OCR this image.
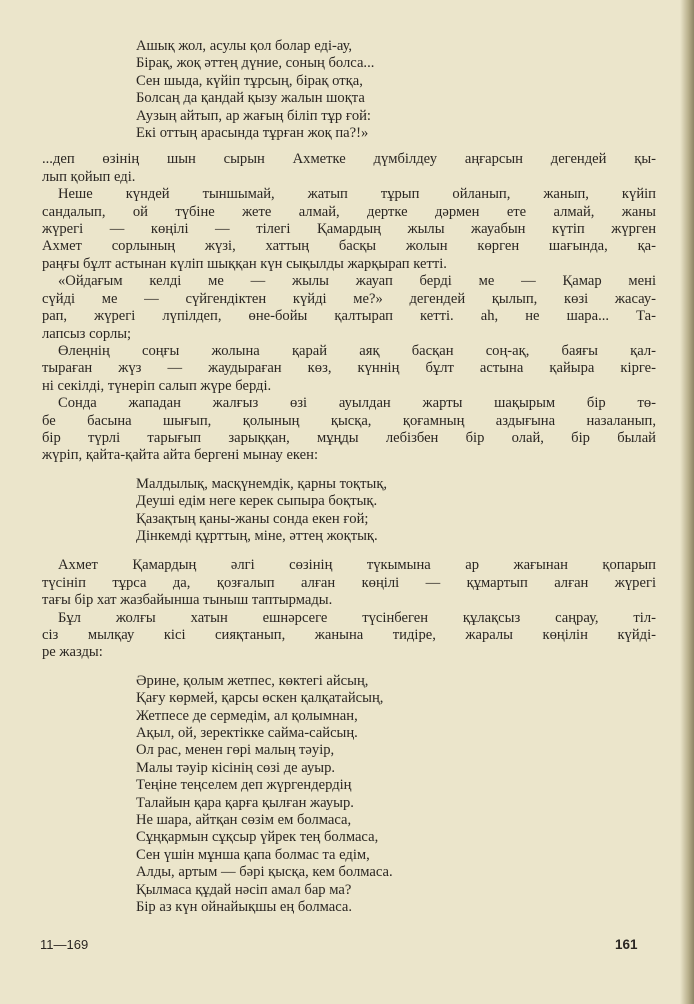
Ашық жол, асулы қол болар еді-ау,
Бірақ, жоқ әттең дүние, соның болса...
Сен шыда, күйіп тұрсың, бірақ отқа,
Болсаң да қандай қызу жалын шоқта
Аузың айтып, ар жағың біліп тұр ғой:
Екі оттың арасында тұрған жоқ па?!»
...деп өзінің шын сырын Ахметке дүмбілдеу аңғарсын дегендей қы-
лып қойып еді.
Неше күндей тыншымай, жатып тұрып ойланып, жанып, күйіп
сандалып, ой түбіне жете алмай, дертке дәрмен ете алмай, жаны
жүрегі — көңілі — тілегі Қамардың жылы жауабын күтіп жүрген
Ахмет сорлының жүзі, хаттың басқы жолын көрген шағында, қа-
раңғы бұлт астынан күліп шыққан күн сықылды жарқырап кетті.
«Ойдағым келді ме — жылы жауап берді ме — Қамар мені
сүйді ме — сүйгендіктен күйді ме?» дегендей қылып, көзі жасау-
рап, жүрегі лүпілдеп, өне-бойы қалтырап кетті. аһ, не шара... Та-
лапсыз сорлы;
Өлеңнің соңғы жолына қарай аяқ басқан соң-ақ, баяғы қал-
тыраған жүз — жаудыраған көз, күннің бұлт астына қайыра кірге-
ні секілді, түнеріп салып жүре берді.
Сонда жападан жалғыз өзі ауылдан жарты шақырым бір тө-
бе басына шығып, қолының қысқа, қоғамның аздығына назаланып,
бір түрлі тарығып зарыққан, мұңды лебізбен бір олай, бір былай
жүріп, қайта-қайта айта бергені мынау екен:
Малдылық, масқүнемдік, қарны тоқтық,
Деуші едім неге керек сыпыра боқтық.
Қазақтың қаны-жаны сонда екен ғой;
Дінкемді құрттың, міне, әттең жоқтық.
Ахмет Қамардың әлгі сөзінің түкымына ар жағынан қопарып
түсініп тұрса да, қозғалып алған көңілі — құмартып алған жүрегі
тағы бір хат жазбайынша тыныш таптырмады.
Бұл жолғы хатын ешнәрсеге түсінбеген құлақсыз саңрау, тіл-
сіз мылқау кісі сияқтанып, жанына тидіре, жаралы көңілін күйді-
ре жазды:
Әрине, қолым жетпес, көктегі айсың,
Қағу көрмей, қарсы өскен қалқатайсың,
Жетпесе де сермедім, ал қолымнан,
Ақыл, ой, зеректікке сайма-сайсың.
Ол рас, менен гөрі малың тәуір,
Малы тәуір кісінің сөзі де ауыр.
Теңіне теңселем деп жүргендердің
Талайын қара қарға қылған жауыр.
Не шара, айтқан сөзім ем болмаса,
Сұңқармын сұқсыр үйрек тең болмаса,
Сен үшін мұнша қапа болмас та едім,
Алды, артым — бәрі қысқа, кем болмаса.
Қылмаса құдай нәсіп амал бар ма?
Бір аз күн ойнайықшы ең болмаса.
11—169	161
